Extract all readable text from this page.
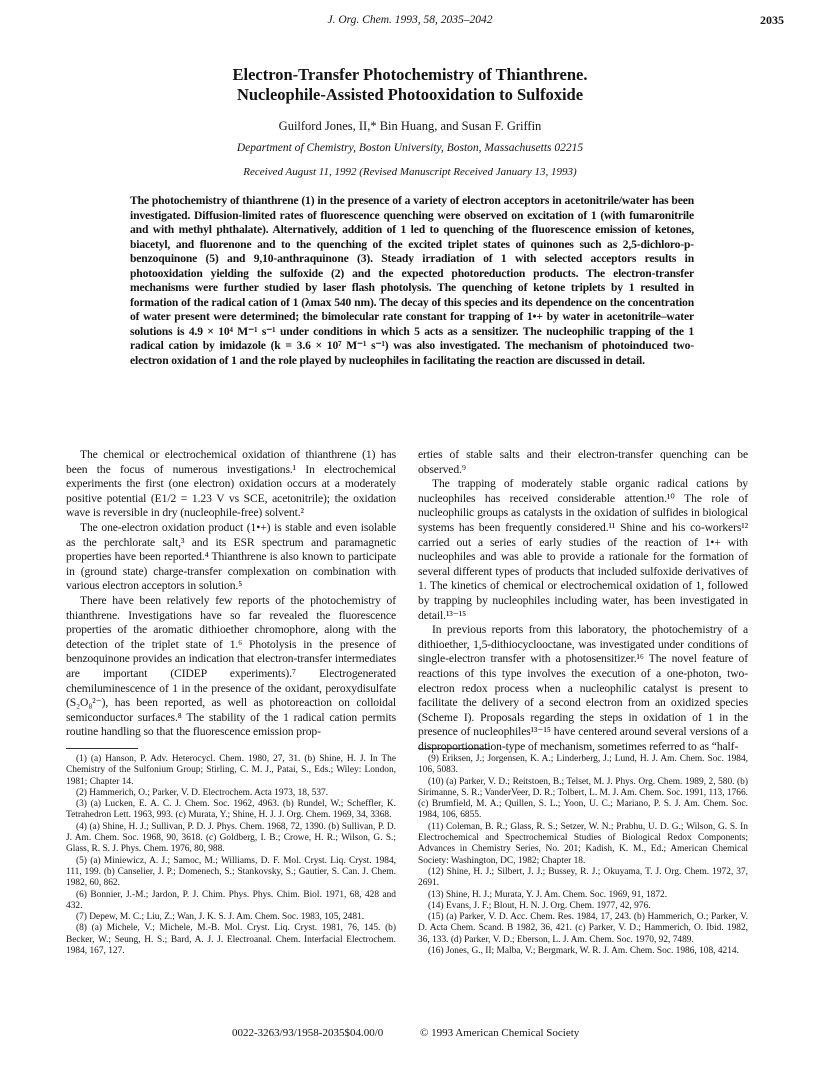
J. Org. Chem. 1993, 58, 2035–2042	2035
Electron-Transfer Photochemistry of Thianthrene.
Nucleophile-Assisted Photooxidation to Sulfoxide
Guilford Jones, II,* Bin Huang, and Susan F. Griffin
Department of Chemistry, Boston University, Boston, Massachusetts 02215
Received August 11, 1992 (Revised Manuscript Received January 13, 1993)
The photochemistry of thianthrene (1) in the presence of a variety of electron acceptors in acetonitrile/water has been investigated. Diffusion-limited rates of fluorescence quenching were observed on excitation of 1 (with fumaronitrile and with methyl phthalate). Alternatively, addition of 1 led to quenching of the fluorescence emission of ketones, biacetyl, and fluorenone and to the quenching of the excited triplet states of quinones such as 2,5-dichloro-p-benzoquinone (5) and 9,10-anthraquinone (3). Steady irradiation of 1 with selected acceptors results in photooxidation yielding the sulfoxide (2) and the expected photoreduction products. The electron-transfer mechanisms were further studied by laser flash photolysis. The quenching of ketone triplets by 1 resulted in formation of the radical cation of 1 (λmax 540 nm). The decay of this species and its dependence on the concentration of water present were determined; the bimolecular rate constant for trapping of 1•+ by water in acetonitrile–water solutions is 4.9 × 10⁴ M⁻¹ s⁻¹ under conditions in which 5 acts as a sensitizer. The nucleophilic trapping of the 1 radical cation by imidazole (k = 3.6 × 10⁷ M⁻¹ s⁻¹) was also investigated. The mechanism of photoinduced two-electron oxidation of 1 and the role played by nucleophiles in facilitating the reaction are discussed in detail.

The chemical or electrochemical oxidation of thianthrene (1) has been the focus of numerous investigations.¹ In electrochemical experiments the first (one electron) oxidation occurs at a moderately positive potential (E1/2 = 1.23 V vs SCE, acetonitrile); the oxidation wave is reversible in dry (nucleophile-free) solvent.²

The one-electron oxidation product (1•+) is stable and even isolable as the perchlorate salt,³ and its ESR spectrum and paramagnetic properties have been reported.⁴ Thianthrene is also known to participate in (ground state) charge-transfer complexation on combination with various electron acceptors in solution.⁵

There have been relatively few reports of the photochemistry of thianthrene. Investigations have so far revealed the fluorescence properties of the aromatic dithioether chromophore, along with the detection of the triplet state of 1.⁶ Photolysis in the presence of benzoquinone provides an indication that electron-transfer intermediates are important (CIDEP experiments).⁷ Electrogenerated chemiluminescence of 1 in the presence of the oxidant, peroxydisulfate (S₂O₈²⁻), has been reported, as well as photoreaction on colloidal semiconductor surfaces.⁸ The stability of the 1 radical cation permits routine handling so that the fluorescence emission prop-

erties of stable salts and their electron-transfer quenching can be observed.⁹

The trapping of moderately stable organic radical cations by nucleophiles has received considerable attention.¹⁰ The role of nucleophilic groups as catalysts in the oxidation of sulfides in biological systems has been frequently considered.¹¹ Shine and his co-workers¹² carried out a series of early studies of the reaction of 1•+ with nucleophiles and was able to provide a rationale for the formation of several different types of products that included sulfoxide derivatives of 1. The kinetics of chemical or electrochemical oxidation of 1, followed by trapping by nucleophiles including water, has been investigated in detail.¹³⁻¹⁵

In previous reports from this laboratory, the photochemistry of a dithioether, 1,5-dithiocyclooctane, was investigated under conditions of single-electron transfer with a photosensitizer.¹⁶ The novel feature of reactions of this type involves the execution of a one-photon, two-electron redox process when a nucleophilic catalyst is present to facilitate the delivery of a second electron from an oxidized species (Scheme I). Proposals regarding the steps in oxidation of 1 in the presence of nucleophiles¹³⁻¹⁵ have centered around several versions of a disproportionation-type of mechanism, sometimes referred to as “half-

(1) (a) Hanson, P. Adv. Heterocycl. Chem. 1980, 27, 31. (b) Shine, H. J. In The Chemistry of the Sulfonium Group; Stirling, C. M. J., Patai, S., Eds.; Wiley: London, 1981; Chapter 14.

(2) Hammerich, O.; Parker, V. D. Electrochem. Acta 1973, 18, 537.

(3) (a) Lucken, E. A. C. J. Chem. Soc. 1962, 4963. (b) Rundel, W.; Scheffler, K. Tetrahedron Lett. 1963, 993. (c) Murata, Y.; Shine, H. J. J. Org. Chem. 1969, 34, 3368.

(4) (a) Shine, H. J.; Sullivan, P. D. J. Phys. Chem. 1968, 72, 1390. (b) Sullivan, P. D. J. Am. Chem. Soc. 1968, 90, 3618. (c) Goldberg, I. B.; Crowe, H. R.; Wilson, G. S.; Glass, R. S. J. Phys. Chem. 1976, 80, 988.

(5) (a) Miniewicz, A. J.; Samoc, M.; Williams, D. F. Mol. Cryst. Liq. Cryst. 1984, 111, 199. (b) Canselier, J. P.; Domenech, S.; Stankovsky, S.; Gautier, S. Can. J. Chem. 1982, 60, 862.

(6) Bonnier, J.-M.; Jardon, P. J. Chim. Phys. Phys. Chim. Biol. 1971, 68, 428 and 432.

(7) Depew, M. C.; Liu, Z.; Wan, J. K. S. J. Am. Chem. Soc. 1983, 105, 2481.

(8) (a) Michele, V.; Michele, M.-B. Mol. Cryst. Liq. Cryst. 1981, 76, 145. (b) Becker, W.; Seung, H. S.; Bard, A. J. J. Electroanal. Chem. Interfacial Electrochem. 1984, 167, 127.

(9) Eriksen, J.; Jorgensen, K. A.; Linderberg, J.; Lund, H. J. Am. Chem. Soc. 1984, 106, 5083.

(10) (a) Parker, V. D.; Reitstoen, B.; Telset, M. J. Phys. Org. Chem. 1989, 2, 580. (b) Sirimanne, S. R.; VanderVeer, D. R.; Tolbert, L. M. J. Am. Chem. Soc. 1991, 113, 1766. (c) Brumfield, M. A.; Quillen, S. L.; Yoon, U. C.; Mariano, P. S. J. Am. Chem. Soc. 1984, 106, 6855.

(11) Coleman, B. R.; Glass, R. S.; Setzer, W. N.; Prabhu, U. D. G.; Wilson, G. S. In Electrochemical and Spectrochemical Studies of Biological Redox Components; Advances in Chemistry Series, No. 201; Kadish, K. M., Ed.; American Chemical Society: Washington, DC, 1982; Chapter 18.

(12) Shine, H. J.; Silbert, J. J.; Bussey, R. J.; Okuyama, T. J. Org. Chem. 1972, 37, 2691.

(13) Shine, H. J.; Murata, Y. J. Am. Chem. Soc. 1969, 91, 1872.

(14) Evans, J. F.; Blout, H. N. J. Org. Chem. 1977, 42, 976.

(15) (a) Parker, V. D. Acc. Chem. Res. 1984, 17, 243. (b) Hammerich, O.; Parker, V. D. Acta Chem. Scand. B 1982, 36, 421. (c) Parker, V. D.; Hammerich, O. Ibid. 1982, 36, 133. (d) Parker, V. D.; Eberson, L. J. Am. Chem. Soc. 1970, 92, 7489.

(16) Jones, G., II; Malba, V.; Bergmark, W. R. J. Am. Chem. Soc. 1986, 108, 4214.

0022-3263/93/1958-2035$04.00/0	© 1993 American Chemical Society
